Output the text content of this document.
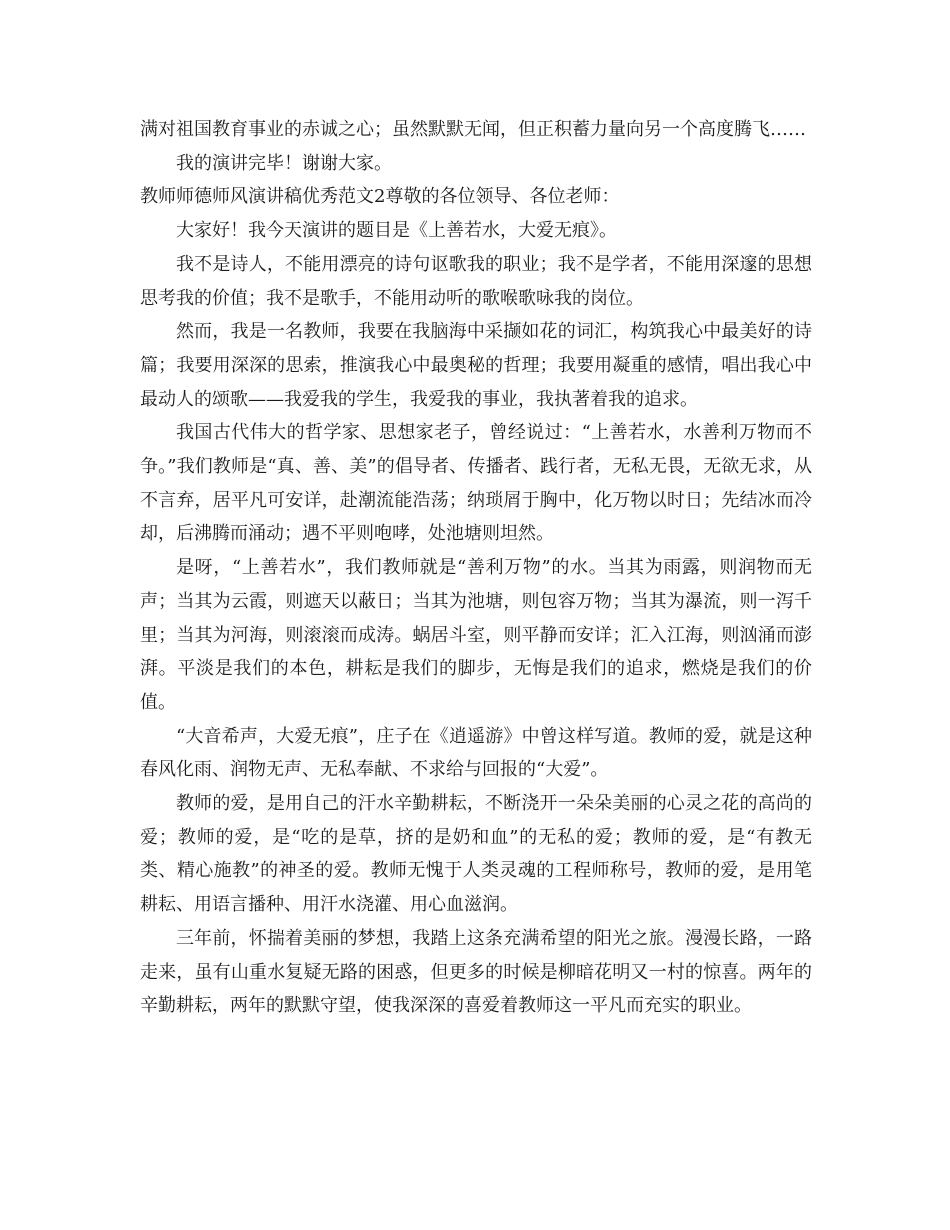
满对祖国教育事业的赤诚之心；虽然默默无闻，但正积蓄力量向另一个高度腾飞……

我的演讲完毕！谢谢大家。

教师师德师风演讲稿优秀范文2尊敬的各位领导、各位老师：

大家好！我今天演讲的题目是《上善若水，大爱无痕》。

我不是诗人，不能用漂亮的诗句讴歌我的职业；我不是学者，不能用深邃的思想思考我的价值；我不是歌手，不能用动听的歌喉歌咏我的岗位。

然而，我是一名教师，我要在我脑海中采撷如花的词汇，构筑我心中最美好的诗篇；我要用深深的思索，推演我心中最奥秘的哲理；我要用凝重的感情，唱出我心中最动人的颂歌——我爱我的学生，我爱我的事业，我执著着我的追求。

我国古代伟大的哲学家、思想家老子，曾经说过：“上善若水，水善利万物而不争。”我们教师是“真、善、美”的倡导者、传播者、践行者，无私无畏，无欲无求，从不言弃，居平凡可安详，赴潮流能浩荡；纳琐屑于胸中，化万物以时日；先结冰而冷却，后沸腾而涌动；遇不平则咆哮，处池塘则坦然。

是呀，“上善若水”，我们教师就是“善利万物”的水。当其为雨露，则润物而无声；当其为云霞，则遮天以蔽日；当其为池塘，则包容万物；当其为瀑流，则一泻千里；当其为河海，则滚滚而成涛。蜗居斗室，则平静而安详；汇入江海，则汹涌而澎湃。平淡是我们的本色，耕耘是我们的脚步，无悔是我们的追求，燃烧是我们的价值。

“大音希声，大爱无痕”，庄子在《逍遥游》中曾这样写道。教师的爱，就是这种春风化雨、润物无声、无私奉献、不求给与回报的“大爱”。

教师的爱，是用自己的汗水辛勤耕耘，不断浇开一朵朵美丽的心灵之花的高尚的爱；教师的爱，是“吃的是草，挤的是奶和血”的无私的爱；教师的爱，是“有教无类、精心施教”的神圣的爱。教师无愧于人类灵魂的工程师称号，教师的爱，是用笔耕耘、用语言播种、用汗水浇灌、用心血滋润。

三年前，怀揣着美丽的梦想，我踏上这条充满希望的阳光之旅。漫漫长路，一路走来，虽有山重水复疑无路的困惑，但更多的时候是柳暗花明又一村的惊喜。两年的辛勤耕耘，两年的默默守望，使我深深的喜爱着教师这一平凡而充实的职业。
